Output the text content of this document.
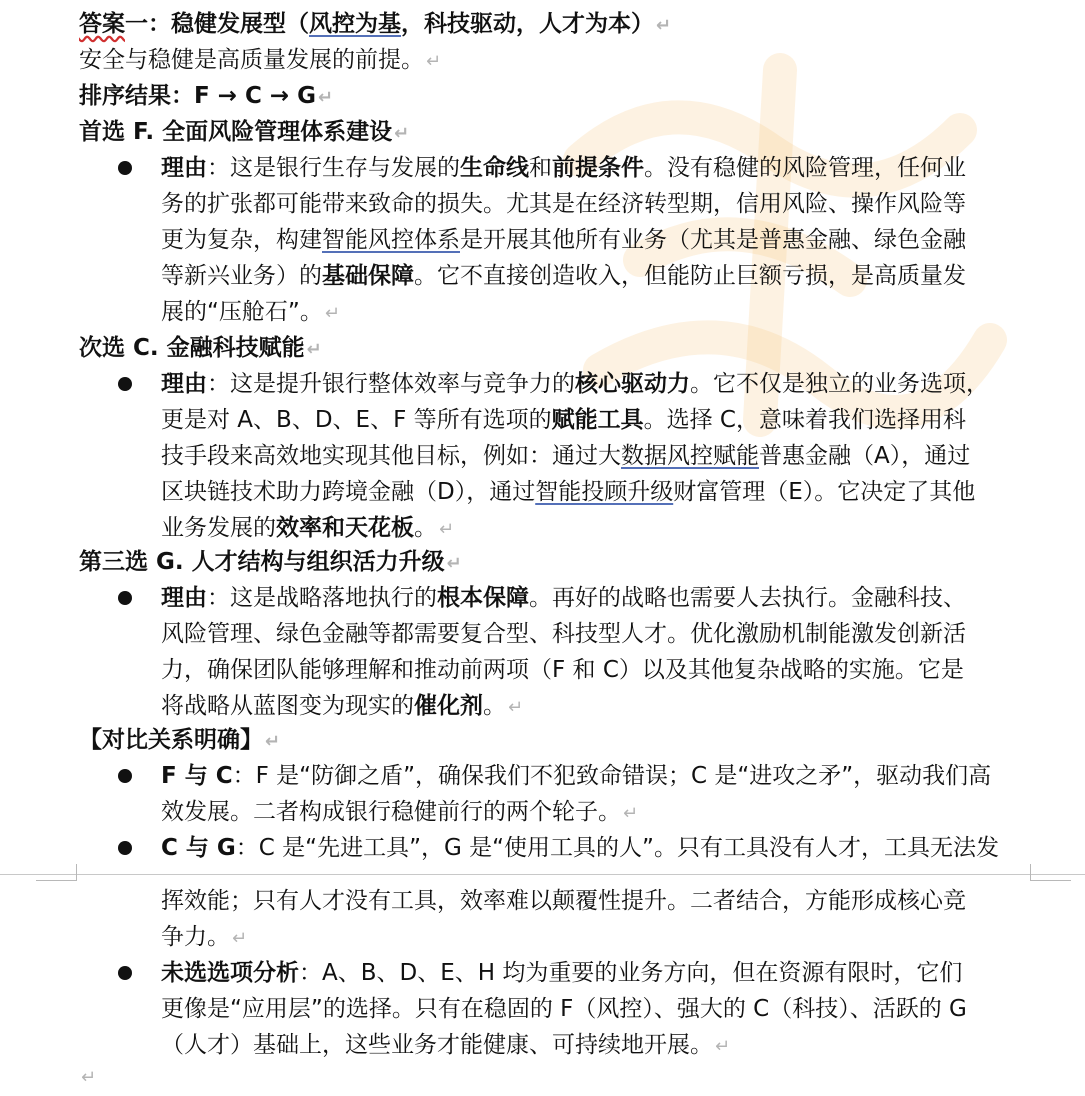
答案一：稳健发展型（风控为基，科技驱动，人才为本） ↵
安全与稳健是高质量发展的前提。 ↵
排序结果：F → C → G ↵
首选 F. 全面风险管理体系建设 ↵
理由：这是银行生存与发展的生命线和前提条件。没有稳健的风险管理，任何业
务的扩张都可能带来致命的损失。尤其是在经济转型期，信用风险、操作风险等
更为复杂，构建智能风控体系是开展其他所有业务（尤其是普惠金融、绿色金融
等新兴业务）的基础保障。它不直接创造收入，但能防止巨额亏损，是高质量发
展的“压舱石”。 ↵
次选 C. 金融科技赋能 ↵
理由：这是提升银行整体效率与竞争力的核心驱动力。它不仅是独立的业务选项，
更是对 A、B、D、E、F 等所有选项的赋能工具。选择 C，意味着我们选择用科
技手段来高效地实现其他目标，例如：通过大数据风控赋能普惠金融（A），通过
区块链技术助力跨境金融（D），通过智能投顾升级财富管理（E）。它决定了其他
业务发展的效率和天花板。 ↵
第三选 G. 人才结构与组织活力升级 ↵
理由：这是战略落地执行的根本保障。再好的战略也需要人去执行。金融科技、
风险管理、绿色金融等都需要复合型、科技型人才。优化激励机制能激发创新活
力，确保团队能够理解和推动前两项（F 和 C）以及其他复杂战略的实施。它是
将战略从蓝图变为现实的催化剂。 ↵
【对比关系明确】 ↵
F 与 C：F 是“防御之盾”，确保我们不犯致命错误；C 是“进攻之矛”，驱动我们高
效发展。二者构成银行稳健前行的两个轮子。 ↵
C 与 G：C 是“先进工具”，G 是“使用工具的人”。只有工具没有人才，工具无法发
挥效能；只有人才没有工具，效率难以颠覆性提升。二者结合，方能形成核心竞
争力。 ↵
未选选项分析：A、B、D、E、H 均为重要的业务方向，但在资源有限时，它们
更像是“应用层”的选择。只有在稳固的 F（风控）、强大的 C（科技）、活跃的 G
（人才）基础上，这些业务才能健康、可持续地开展。 ↵
↵
